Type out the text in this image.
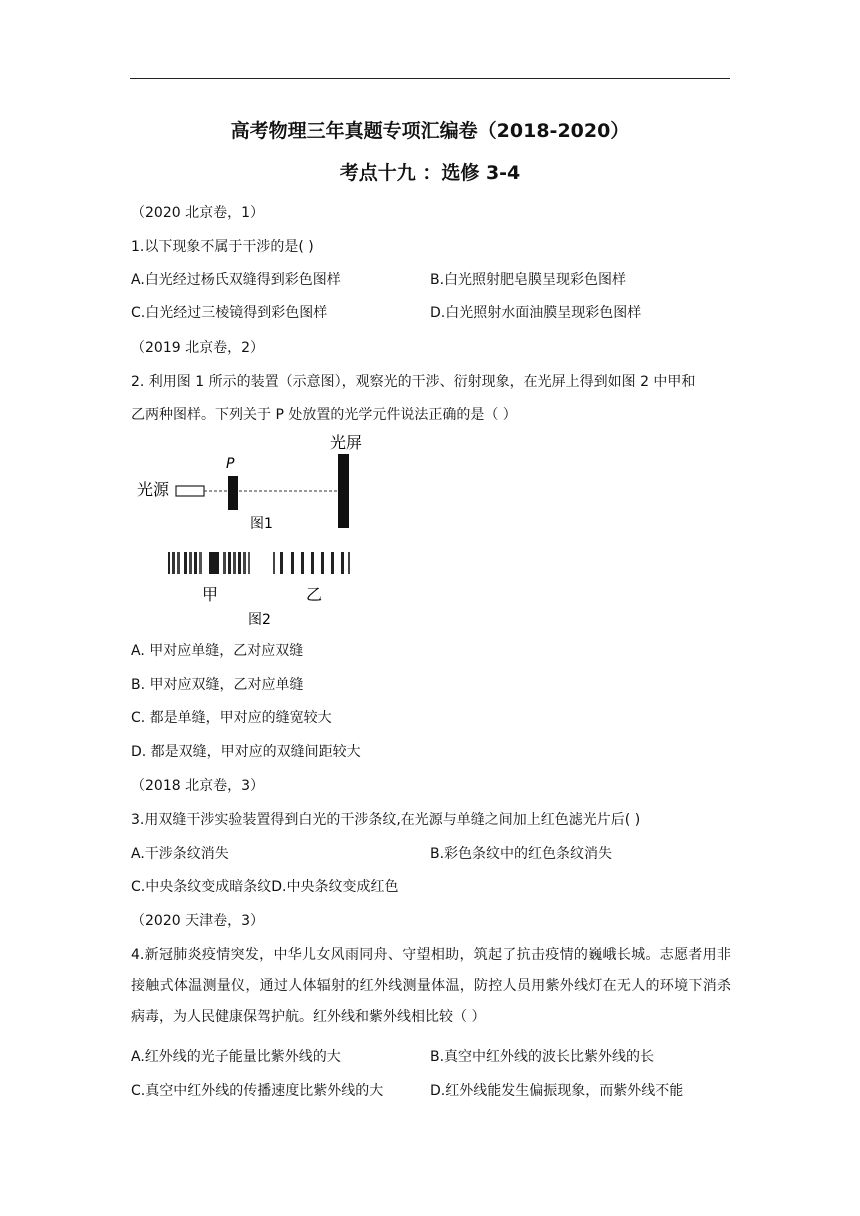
高考物理三年真题专项汇编卷（2018-2020）
考点十九 ：选修 3-4
（2020 北京卷，1）
1.以下现象不属于干涉的是( )
A.白光经过杨氏双缝得到彩色图样	B.白光照射肥皂膜呈现彩色图样
C.白光经过三棱镜得到彩色图样	D.白光照射水面油膜呈现彩色图样
（2019 北京卷，2）
2. 利用图 1 所示的装置（示意图），观察光的干涉、衍射现象，在光屏上得到如图 2 中甲和
乙两种图样。下列关于 P 处放置的光学元件说法正确的是（ ）
光源
P
光屏
图1
甲	乙
图2
A. 甲对应单缝，乙对应双缝
B. 甲对应双缝，乙对应单缝
C. 都是单缝，甲对应的缝宽较大
D. 都是双缝，甲对应的双缝间距较大
（2018 北京卷，3）
3.用双缝干涉实验装置得到白光的干涉条纹,在光源与单缝之间加上红色滤光片后( )
A.干涉条纹消失	B.彩色条纹中的红色条纹消失
C.中央条纹变成暗条纹D.中央条纹变成红色
（2020 天津卷，3）
4.新冠肺炎疫情突发，中华儿女风雨同舟、守望相助，筑起了抗击疫情的巍峨长城。志愿者用非接触式体温测量仪，通过人体辐射的红外线测量体温，防控人员用紫外线灯在无人的环境下消杀病毒，为人民健康保驾护航。红外线和紫外线相比较（ ）
A.红外线的光子能量比紫外线的大	B.真空中红外线的波长比紫外线的长
C.真空中红外线的传播速度比紫外线的大	D.红外线能发生偏振现象，而紫外线不能
